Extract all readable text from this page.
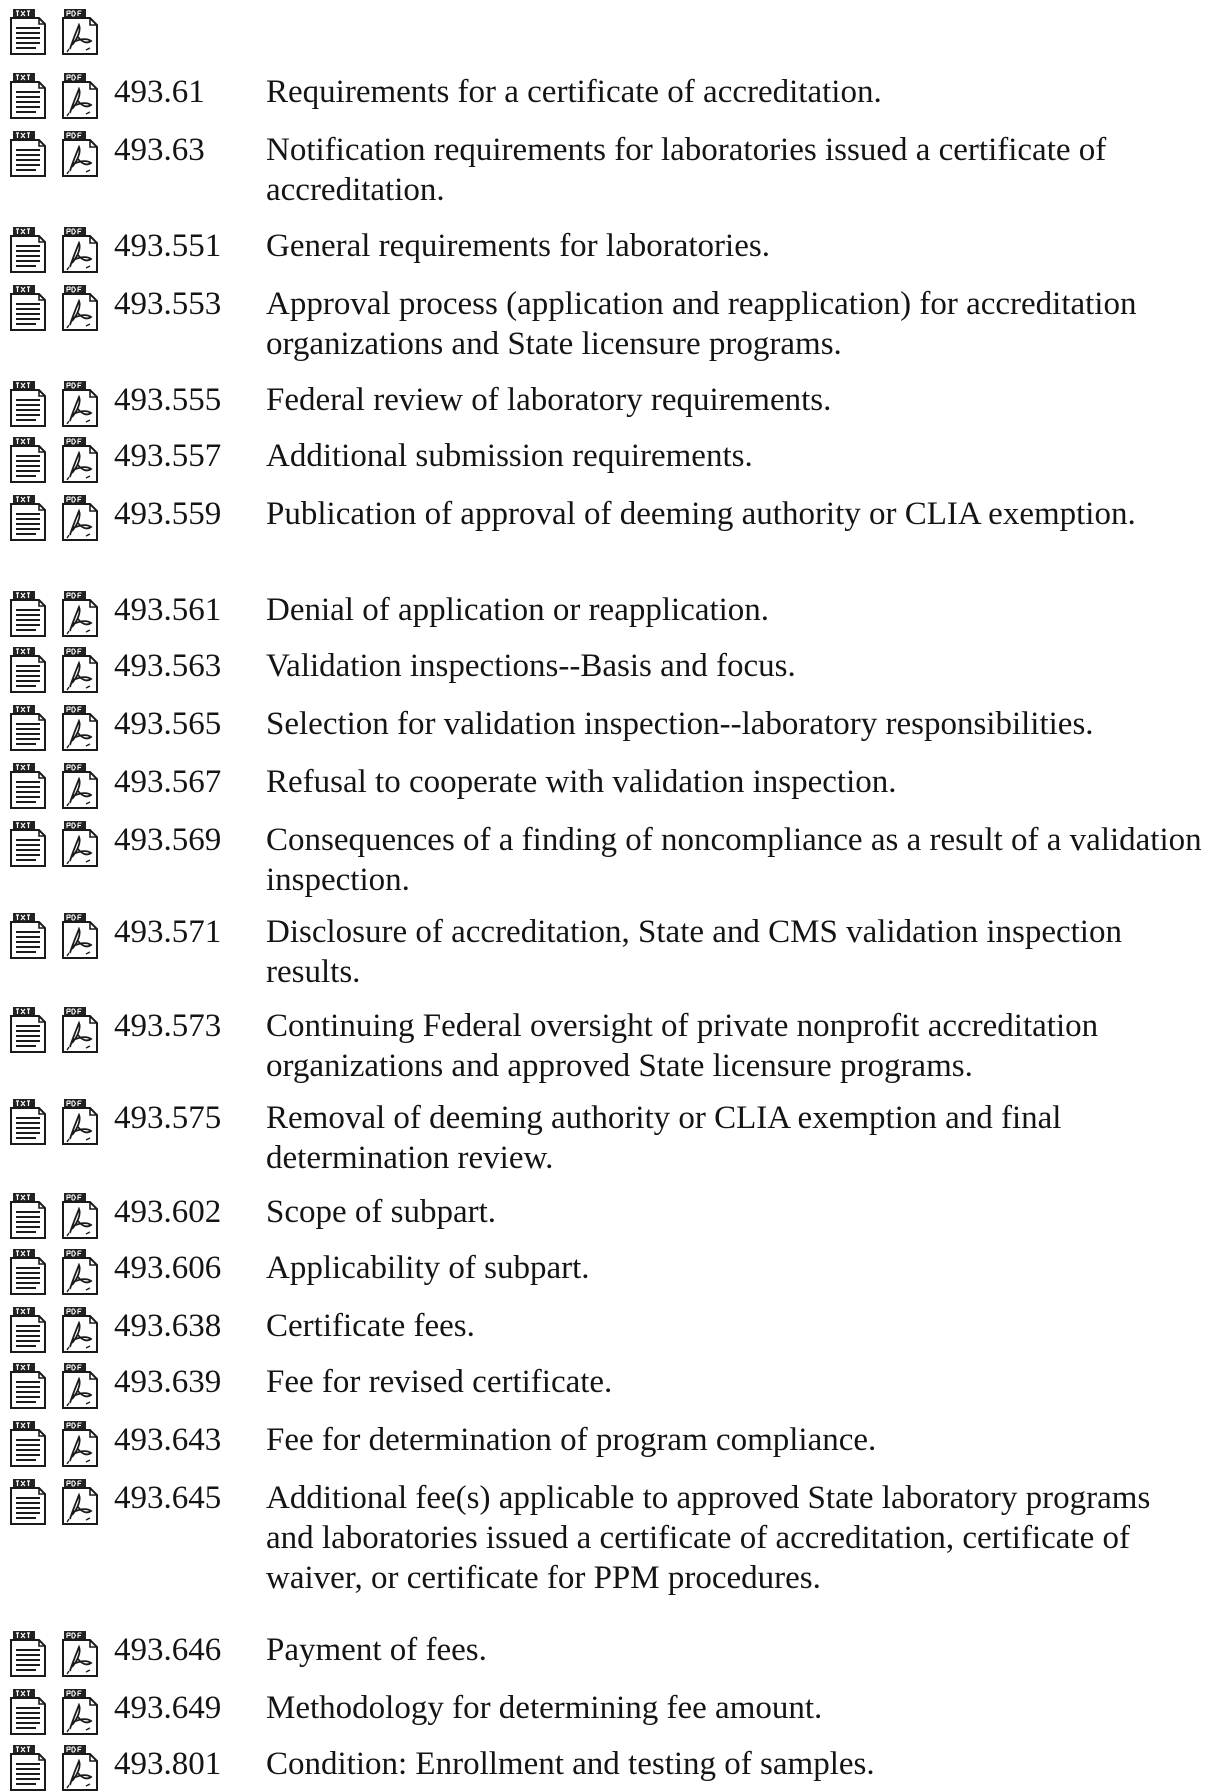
493.61 Requirements for a certificate of accreditation.
493.63 Notification requirements for laboratories issued a certificate of accreditation.
493.551 General requirements for laboratories.
493.553 Approval process (application and reapplication) for accreditation organizations and State licensure programs.
493.555 Federal review of laboratory requirements.
493.557 Additional submission requirements.
493.559 Publication of approval of deeming authority or CLIA exemption.
493.561 Denial of application or reapplication.
493.563 Validation inspections--Basis and focus.
493.565 Selection for validation inspection--laboratory responsibilities.
493.567 Refusal to cooperate with validation inspection.
493.569 Consequences of a finding of noncompliance as a result of a validation inspection.
493.571 Disclosure of accreditation, State and CMS validation inspection results.
493.573 Continuing Federal oversight of private nonprofit accreditation organizations and approved State licensure programs.
493.575 Removal of deeming authority or CLIA exemption and final determination review.
493.602 Scope of subpart.
493.606 Applicability of subpart.
493.638 Certificate fees.
493.639 Fee for revised certificate.
493.643 Fee for determination of program compliance.
493.645 Additional fee(s) applicable to approved State laboratory programs and laboratories issued a certificate of accreditation, certificate of waiver, or certificate for PPM procedures.
493.646 Payment of fees.
493.649 Methodology for determining fee amount.
493.801 Condition: Enrollment and testing of samples.
